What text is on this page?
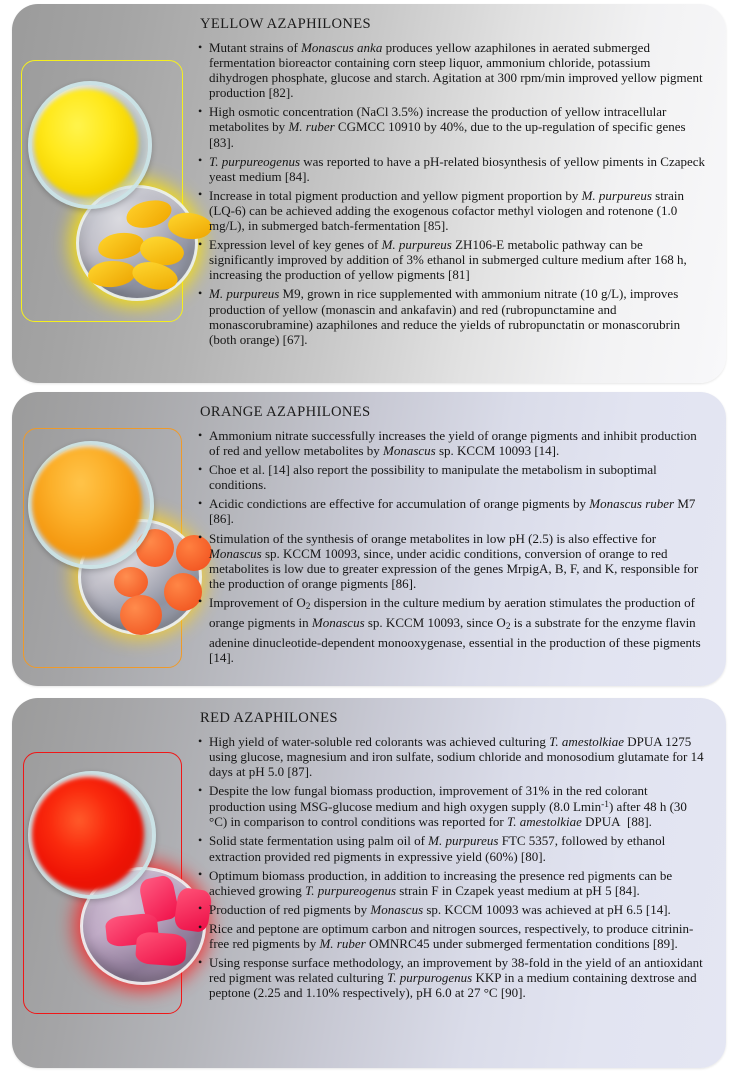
YELLOW AZAPHILONES
• Mutant strains of Monascus anka produces yellow azaphilones in aerated submerged fermentation bioreactor containing corn steep liquor, ammonium chloride, potassium dihydrogen phosphate, glucose and starch. Agitation at 300 rpm/min improved yellow pigment production [82].
• High osmotic concentration (NaCl 3.5%) increase the production of yellow intracellular metabolites by M. ruber CGMCC 10910 by 40%, due to the up-regulation of specific genes [83].
• T. purpureogenus was reported to have a pH-related biosynthesis of yellow piments in Czapeck yeast medium [84].
• Increase in total pigment production and yellow pigment proportion by M. purpureus strain (LQ-6) can be achieved adding the exogenous cofactor methyl viologen and rotenone (1.0 mg/L), in submerged batch-fermentation [85].
• Expression level of key genes of M. purpureus ZH106-E metabolic pathway can be significantly improved by addition of 3% ethanol in submerged culture medium after 168 h, increasing the production of yellow pigments [81]
• M. purpureus M9, grown in rice supplemented with ammonium nitrate (10 g/L), improves production of yellow (monascin and ankafavin) and red (rubropunctamine and monascorubramine) azaphilones and reduce the yields of rubropunctatin or monascorubrin (both orange) [67].
ORANGE AZAPHILONES
• Ammonium nitrate successfully increases the yield of orange pigments and inhibit production of red and yellow metabolites by Monascus sp. KCCM 10093 [14].
• Choe et al. [14] also report the possibility to manipulate the metabolism in suboptimal conditions.
• Acidic condictions are effective for accumulation of orange pigments by Monascus ruber M7 [86].
• Stimulation of the synthesis of orange metabolites in low pH (2.5) is also effective for Monascus sp. KCCM 10093, since, under acidic conditions, conversion of orange to red metabolites is low due to greater expression of the genes MrpigA, B, F, and K, responsible for the production of orange pigments [86].
• Improvement of $O_2$ dispersion in the culture medium by aeration stimulates the production of orange pigments in Monascus sp. KCCM 10093, since $O_2$ is a substrate for the enzyme flavin adenine dinucleotide-dependent monooxygenase, essential in the production of these pigments [14].
RED AZAPHILONES
• High yield of water-soluble red colorants was achieved culturing T. amestolkiae DPUA 1275 using glucose, magnesium and iron sulfate, sodium chloride and monosodium glutamate for 14 days at pH 5.0 [87].
• Despite the low fungal biomass production, improvement of 31% in the red colorant production using MSG-glucose medium and high oxygen supply (8.0 Lmin$^{-1}$) after 48 h (30 °C) in comparison to control conditions was reported for T. amestolkiae DPUA  [88].
• Solid state fermentation using palm oil of M. purpureus FTC 5357, followed by ethanol extraction provided red pigments in expressive yield (60%) [80].
• Optimum biomass production, in addition to increasing the presence red pigments can be achieved growing T. purpureogenus strain F in Czapek yeast medium at pH 5 [84].
• Production of red pigments by Monascus sp. KCCM 10093 was achieved at pH 6.5 [14].
• Rice and peptone are optimum carbon and nitrogen sources, respectively, to produce citrinin-free red pigments by M. ruber OMNRC45 under submerged fermentation conditions [89].
• Using response surface methodology, an improvement by 38-fold in the yield of an antioxidant red pigment was related culturing T. purpurogenus KKP in a medium containing dextrose and peptone (2.25 and 1.10% respectively), pH 6.0 at 27 °C [90].
